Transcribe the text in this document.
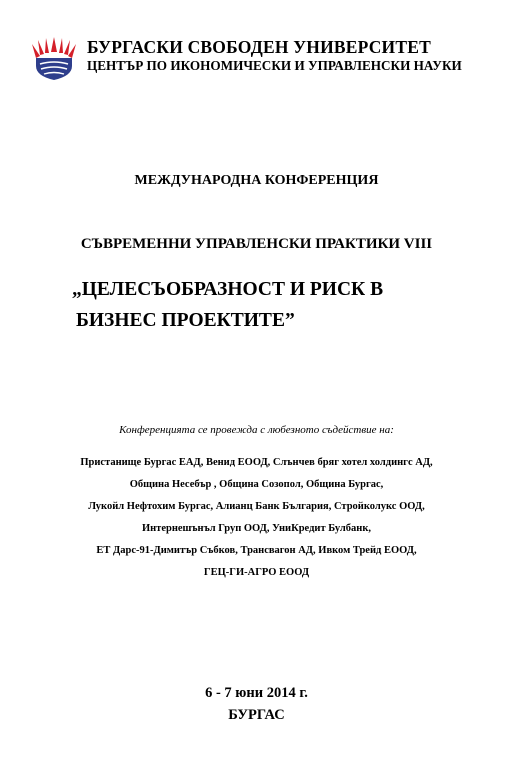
БУРГАСКИ СВОБОДЕН УНИВЕРСИТЕТ
ЦЕНТЪР ПО ИКОНОМИЧЕСКИ И УПРАВЛЕНСКИ НАУКИ
МЕЖДУНАРОДНА КОНФЕРЕНЦИЯ
СЪВРЕМЕННИ УПРАВЛЕНСКИ ПРАКТИКИ VIII
„ЦЕЛЕСЪОБРАЗНОСТ И РИСК В
БИЗНЕС ПРОЕКТИТЕ”
Конференцията се провежда с любезното съдействие на:
Пристанище Бургас ЕАД, Венид ЕООД, Слънчев бряг хотел холдингс АД,
Община Несебър , Община Созопол, Община Бургас,
Лукойл Нефтохим Бургас, Алианц Банк България, Стройколукс ООД,
Интернешънъл Груп ООД, УниКредит Булбанк,
ЕТ Дарс-91-Димитър Събков, Трансвагон АД, Ивком Трейд ЕООД,
ГЕЦ-ГИ-АГРО ЕООД
6 - 7 юни 2014 г.
БУРГАС
